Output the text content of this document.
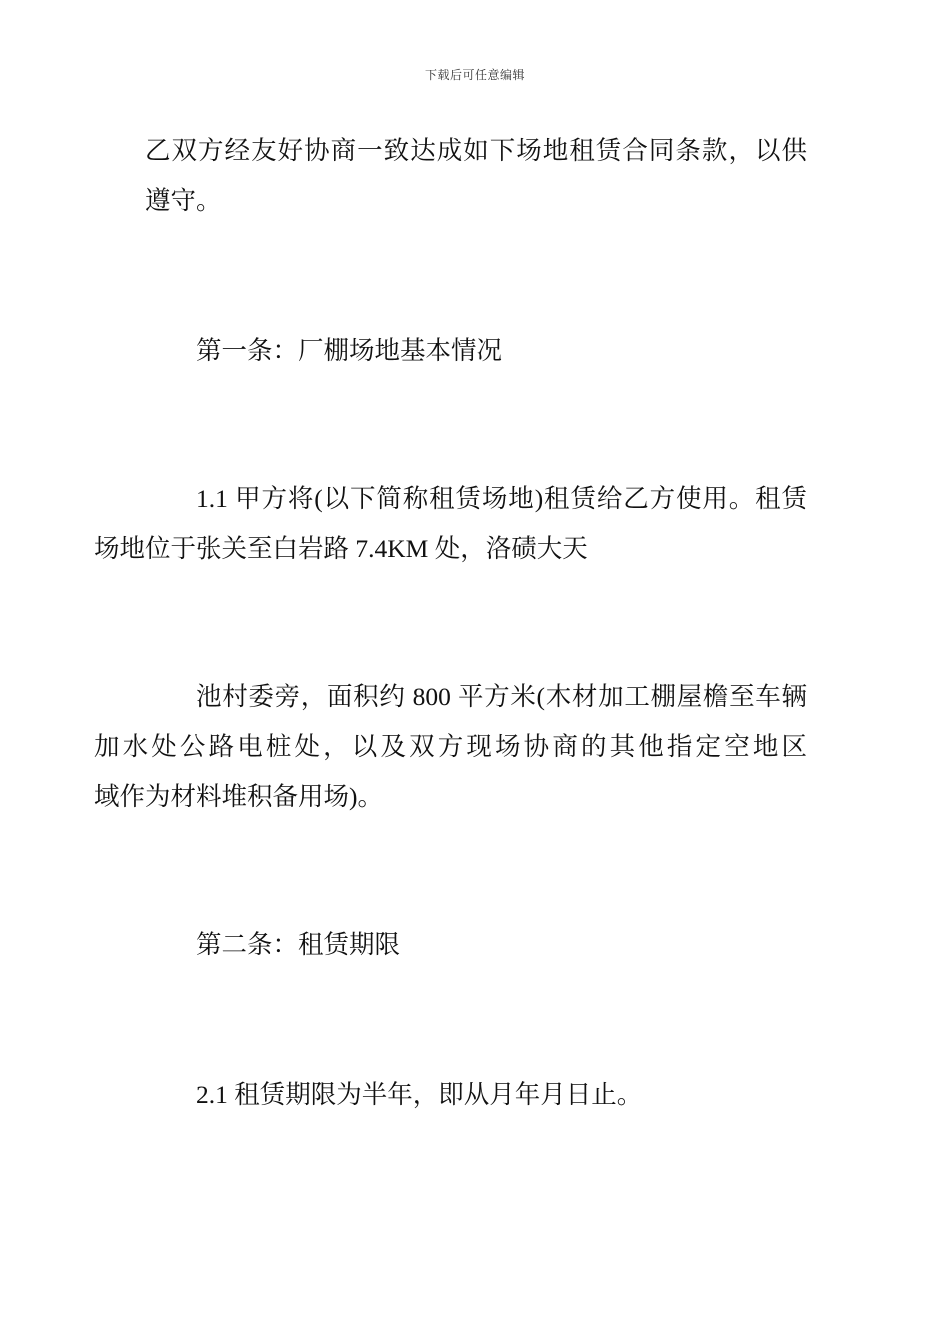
下载后可任意编辑
乙双方经友好协商一致达成如下场地租赁合同条款，以供
遵守。
第一条：厂棚场地基本情况
1.1 甲方将(以下简称租赁场地)租赁给乙方使用。租赁
场地位于张关至白岩路 7.4KM 处，洛碛大天
池村委旁，面积约 800 平方米(木材加工棚屋檐至车辆
加水处公路电桩处，以及双方现场协商的其他指定空地区
域作为材料堆积备用场)。
第二条：租赁期限
2.1 租赁期限为半年，即从月年月日止。
